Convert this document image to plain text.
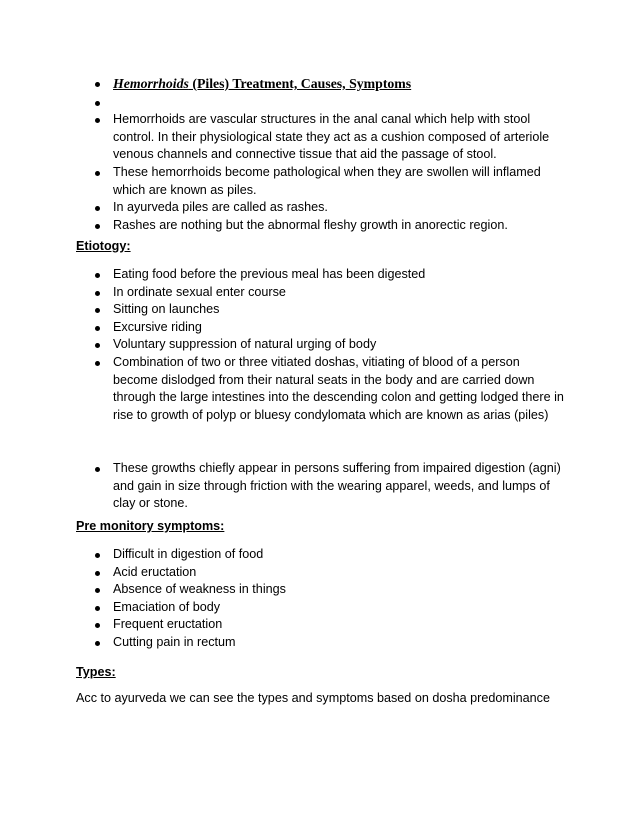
Hemorrhoids (Piles) Treatment, Causes, Symptoms
Hemorrhoids are vascular structures in the anal canal which help with stool control. In their physiological state they act as a cushion composed of arteriole venous channels and connective tissue that aid the passage of stool.
These hemorrhoids become pathological when they are swollen will inflamed which are known as piles.
In ayurveda piles are called as rashes.
Rashes are nothing but the abnormal fleshy growth in anorectic region.
Etiotogy:
Eating food before the previous meal has been digested
In ordinate sexual enter course
Sitting on launches
Excursive riding
Voluntary suppression of natural urging of body
Combination of two or three vitiated doshas, vitiating of blood of a person become dislodged from their natural seats in the body and are carried down through the large intestines into the descending colon and getting lodged there in rise to growth of polyp or bluesy condylomata which are known as arias (piles)
These growths chiefly appear in persons suffering from impaired digestion (agni) and gain in size through friction with the wearing apparel, weeds, and lumps of clay or stone.
Pre monitory symptoms:
Difficult in digestion of food
Acid eructation
Absence of weakness in things
Emaciation of body
Frequent eructation
Cutting pain in rectum
Types:
Acc to ayurveda we can see the types and symptoms based on dosha predominance
